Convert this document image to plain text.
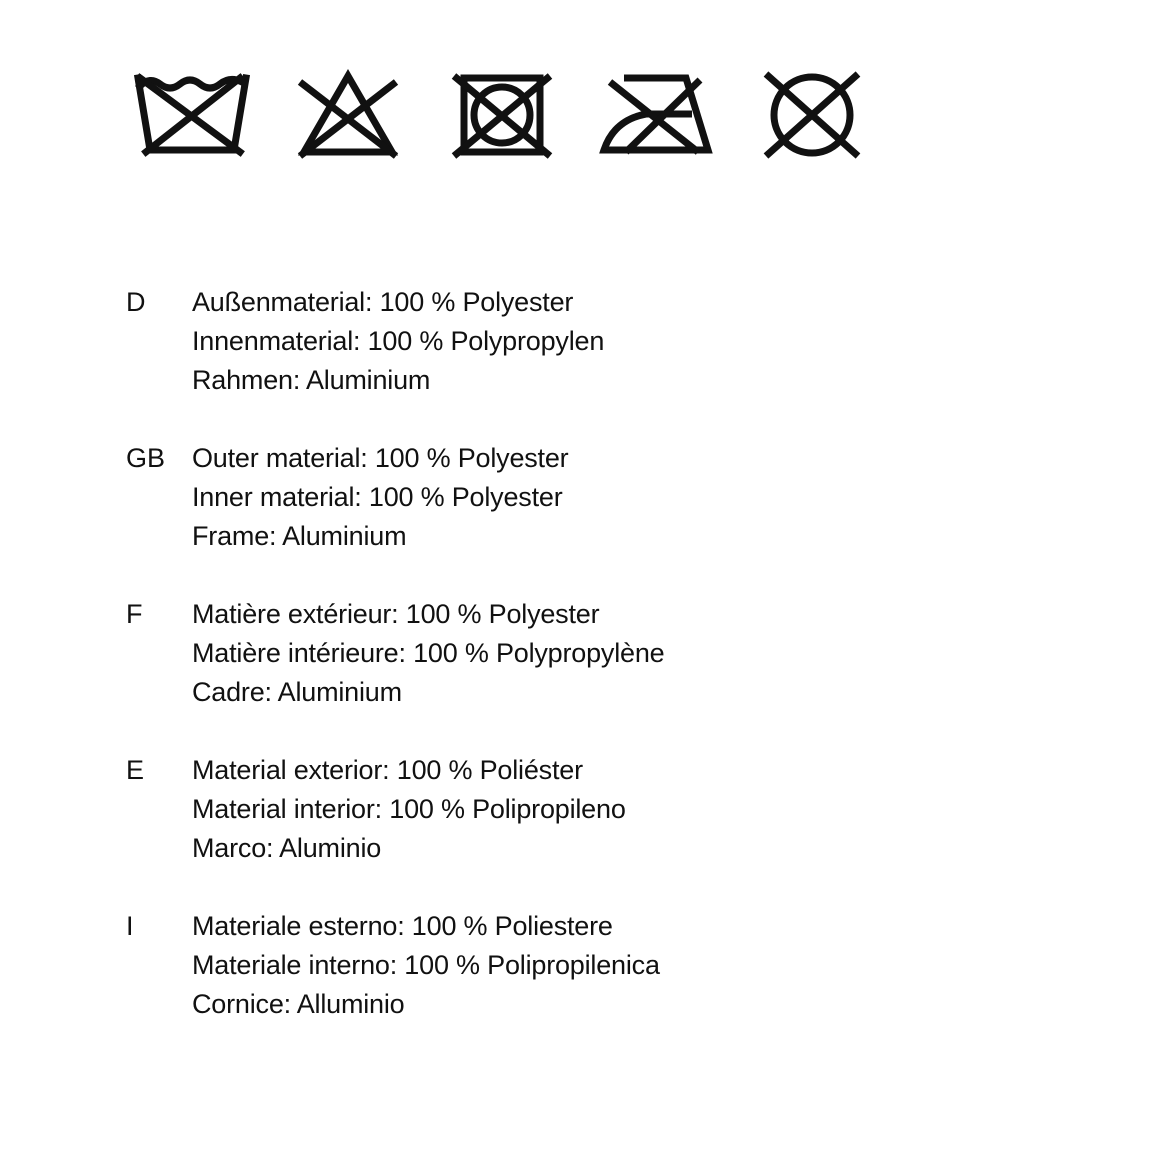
D	Außenmaterial: 100 % Polyester
Innenmaterial: 100 % Polypropylen
Rahmen: Aluminium
GB Outer material: 100 % Polyester
Inner material: 100 % Polyester
Frame: Aluminium
F	Matière extérieur: 100 % Polyester
Matière intérieure: 100 % Polypropylène
Cadre: Aluminium
E	Material exterior: 100 % Poliéster
Material interior: 100 % Polipropileno
Marco: Aluminio
I	Materiale esterno: 100 % Poliestere
Materiale interno: 100 % Polipropilenica
Cornice: Alluminio
